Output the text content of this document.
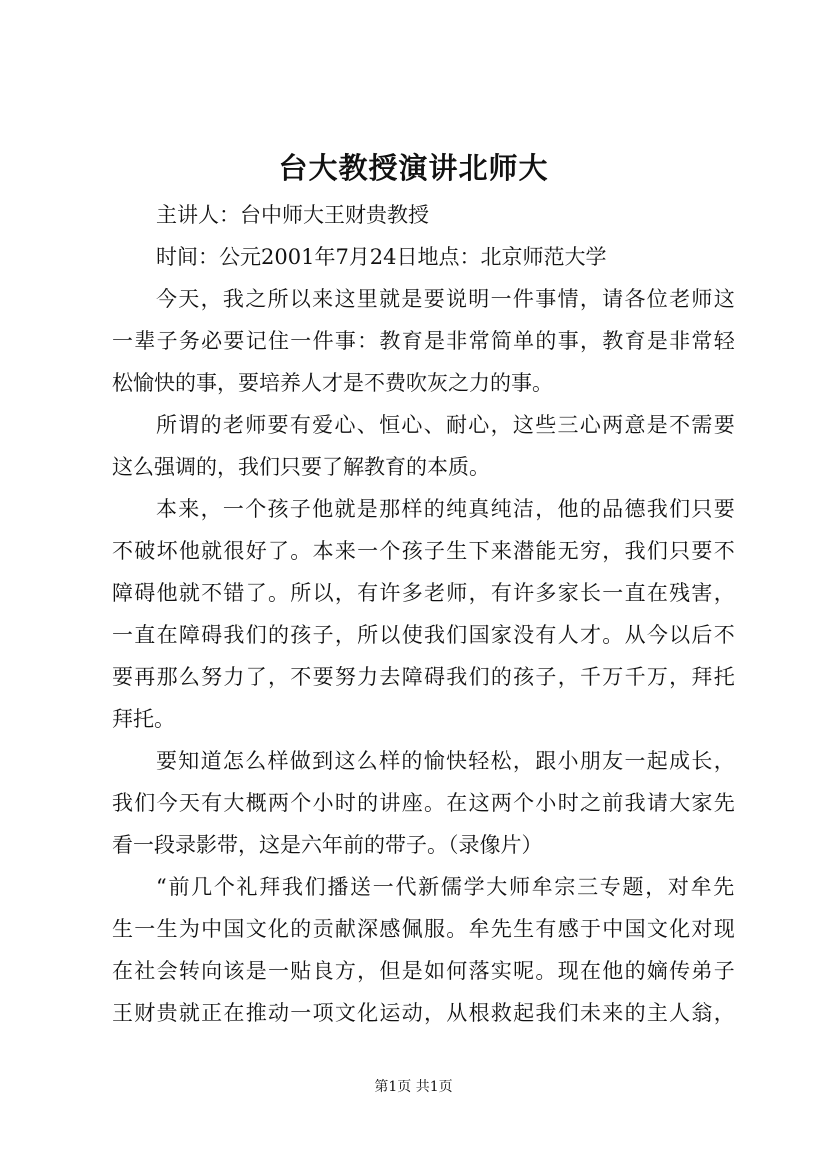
台大教授演讲北师大
主讲人：台中师大王财贵教授
时间：公元2001年7月24日地点：北京师范大学
今天，我之所以来这里就是要说明一件事情，请各位老师这
一辈子务必要记住一件事：教育是非常简单的事，教育是非常轻
松愉快的事，要培养人才是不费吹灰之力的事。
所谓的老师要有爱心、恒心、耐心，这些三心两意是不需要
这么强调的，我们只要了解教育的本质。
本来，一个孩子他就是那样的纯真纯洁，他的品德我们只要
不破坏他就很好了。本来一个孩子生下来潜能无穷，我们只要不
障碍他就不错了。所以，有许多老师，有许多家长一直在残害，
一直在障碍我们的孩子，所以使我们国家没有人才。从今以后不
要再那么努力了，不要努力去障碍我们的孩子，千万千万，拜托
拜托。
要知道怎么样做到这么样的愉快轻松，跟小朋友一起成长，
我们今天有大概两个小时的讲座。在这两个小时之前我请大家先
看一段录影带，这是六年前的带子。（录像片）
“前几个礼拜我们播送一代新儒学大师牟宗三专题，对牟先
生一生为中国文化的贡献深感佩服。牟先生有感于中国文化对现
在社会转向该是一贴良方，但是如何落实呢。现在他的嫡传弟子
王财贵就正在推动一项文化运动，从根救起我们未来的主人翁，
第1页 共1页
